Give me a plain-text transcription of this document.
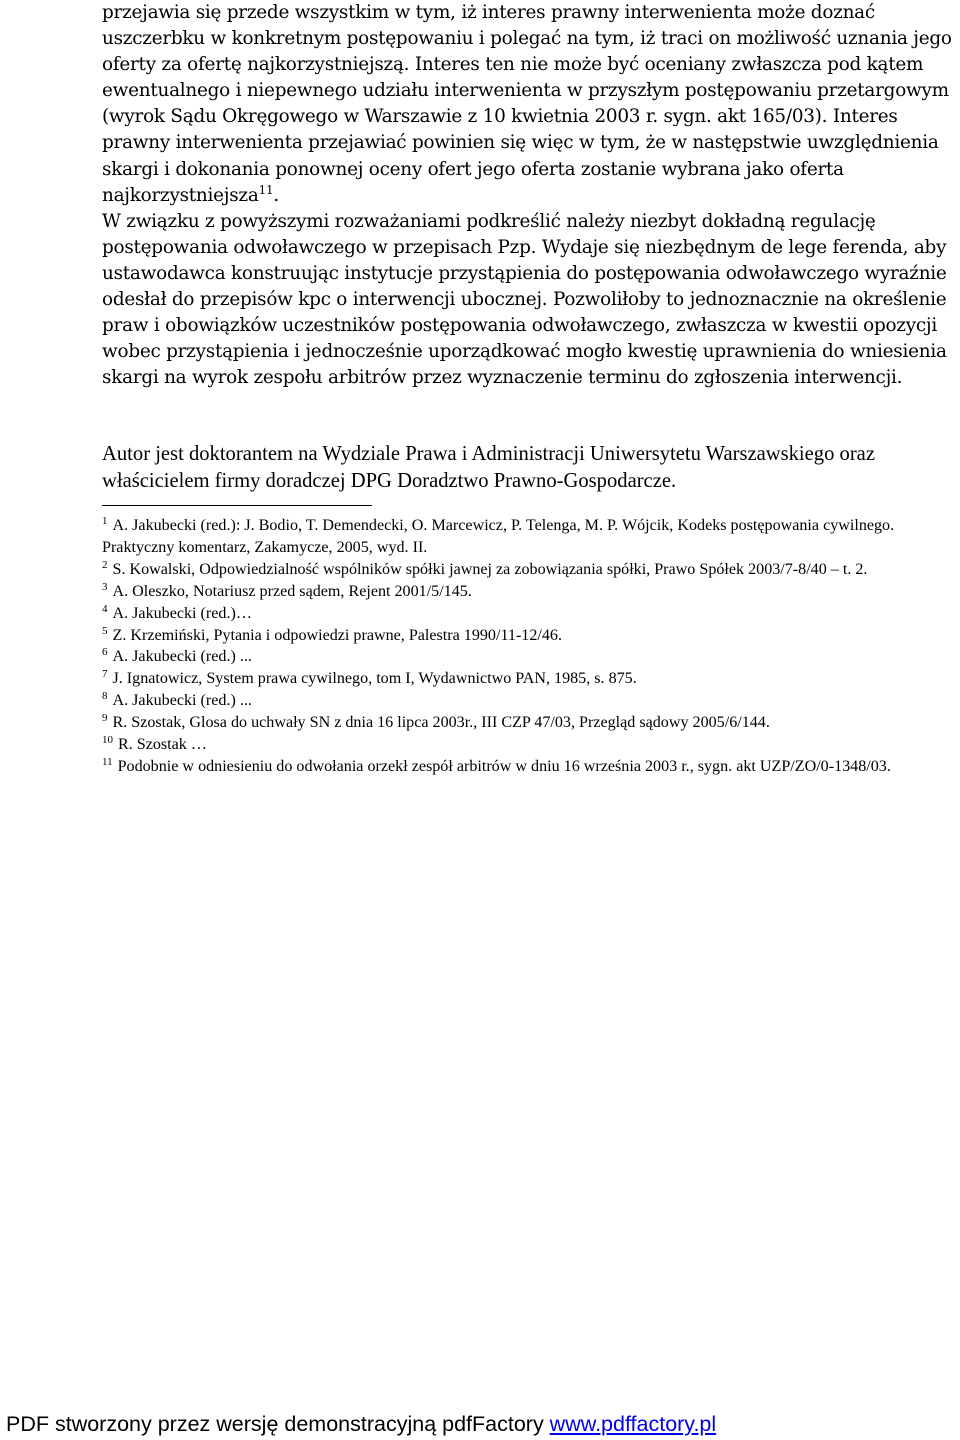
przejawia się przede wszystkim w tym, iż interes prawny interwenienta może doznać uszczerbku w konkretnym postępowaniu i polegać na tym, iż traci on możliwość uznania jego oferty za ofertę najkorzystniejszą. Interes ten nie może być oceniany zwłaszcza pod kątem ewentualnego i niepewnego udziału interwenienta w przyszłym postępowaniu przetargowym (wyrok Sądu Okręgowego w Warszawie z 10 kwietnia 2003 r. sygn. akt 165/03). Interes prawny interwenienta przejawiać powinien się więc w tym, że w następstwie uwzględnienia skargi i dokonania ponownej oceny ofert jego oferta zostanie wybrana jako oferta najkorzystniejsza$^{11}$.

W związku z powyższymi rozważaniami podkreślić należy niezbyt dokładną regulację postępowania odwoławczego w przepisach Pzp. Wydaje się niezbędnym de lege ferenda, aby ustawodawca konstruując instytucje przystąpienia do postępowania odwoławczego wyraźnie odesłał do przepisów kpc o interwencji ubocznej. Pozwoliłoby to jednoznacznie na określenie praw i obowiązków uczestników postępowania odwoławczego, zwłaszcza w kwestii opozycji wobec przystąpienia i jednocześnie uporządkować mogło kwestię uprawnienia do wniesienia skargi na wyrok zespołu arbitrów przez wyznaczenie terminu do zgłoszenia interwencji.

Autor jest doktorantem na Wydziale Prawa i Administracji Uniwersytetu Warszawskiego oraz właścicielem firmy doradczej DPG Doradztwo Prawno-Gospodarcze.

$^1$ A. Jakubecki (red.): J. Bodio, T. Demendecki, O. Marcewicz, P. Telenga, M. P. Wójcik, Kodeks postępowania cywilnego. Praktyczny komentarz, Zakamycze, 2005, wyd. II.
$^2$ S. Kowalski, Odpowiedzialność wspólników spółki jawnej za zobowiązania spółki, Prawo Spółek 2003/7-8/40 – t. 2.
$^3$ A. Oleszko, Notariusz przed sądem, Rejent 2001/5/145.
$^4$ A. Jakubecki (red.)…
$^5$ Z. Krzemiński, Pytania i odpowiedzi prawne, Palestra 1990/11-12/46.
$^6$ A. Jakubecki (red.) ...
$^7$ J. Ignatowicz, System prawa cywilnego, tom I, Wydawnictwo PAN, 1985, s. 875.
$^8$ A. Jakubecki (red.) ...
$^9$ R. Szostak, Glosa do uchwały SN z dnia 16 lipca 2003r., III CZP 47/03, Przegląd sądowy 2005/6/144.
$^{10}$ R. Szostak …
$^{11}$ Podobnie w odniesieniu do odwołania orzekł zespół arbitrów w dniu 16 września 2003 r., sygn. akt UZP/ZO/0-1348/03.
PDF stworzony przez wersję demonstracyjną pdfFactory www.pdffactory.pl
